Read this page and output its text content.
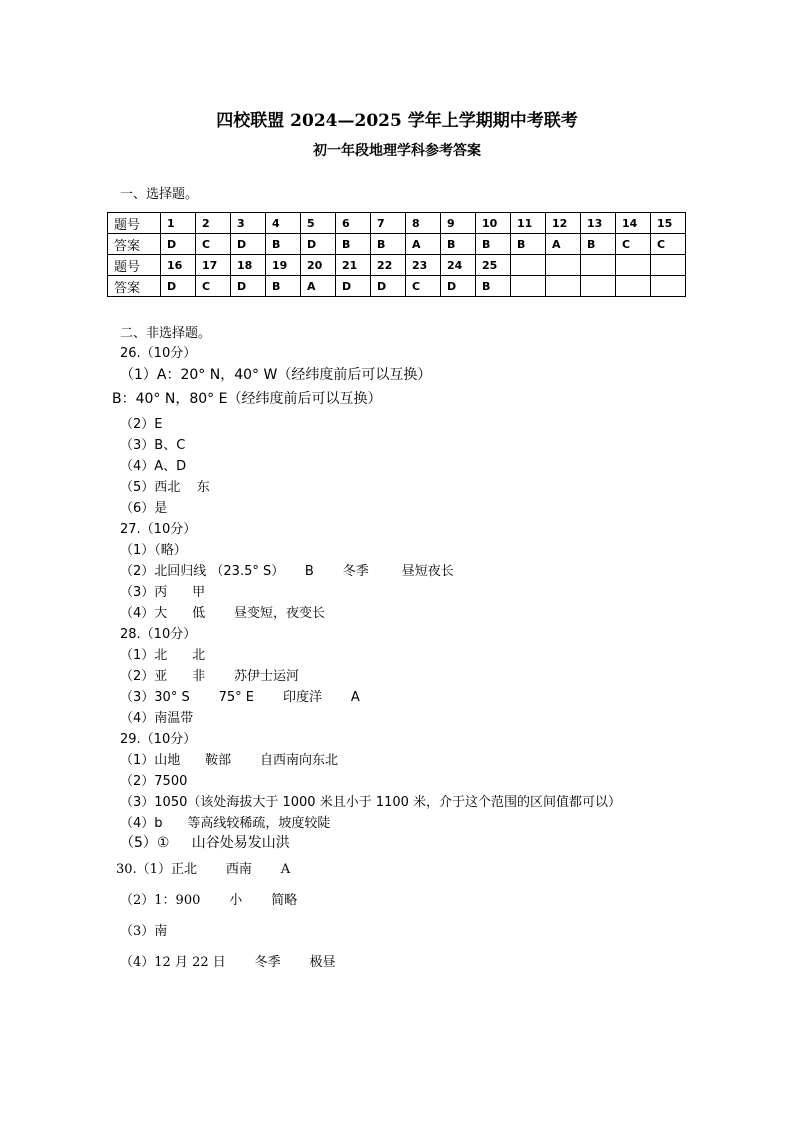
四校联盟 2024—2025 学年上学期期中考联考
初一年段地理学科参考答案
一、选择题。
题号	1	2	3	4	5	6	7	8	9	10	11	12	13	14	15
答案	D	C	D	B	D	B	B	A	B	B	B	A	B	C	C
题号	16	17	18	19	20	21	22	23	24	25					
答案	D	C	D	B	A	D	D	C	D	B					
二、非选择题。
26.（10分）
（1）A：20° N，40° W（经纬度前后可以互换）
B：40° N，80° E（经纬度前后可以互换）
（2）E
（3）B、C
（4）A、D
（5）西北    东
（6）是
27.（10分）
（1）（略）
（2）北回归线 （23.5° S）     B       冬季        昼短夜长
（3）丙      甲
（4）大      低       昼变短，夜变长
28.（10分）
（1）北      北
（2）亚      非       苏伊士运河
（3）30° S       75° E       印度洋       A
（4）南温带
29.（10分）
（1）山地      鞍部       自西南向东北
（2）7500
（3）1050（该处海拔大于 1000 米且小于 1100 米，介于这个范围的区间值都可以）
（4）b      等高线较稀疏，坡度较陡
（5）①     山谷处易发山洪
30.（1）正北       西南       A
（2）1：900       小       简略
（3）南
（4）12 月 22 日       冬季       极昼
